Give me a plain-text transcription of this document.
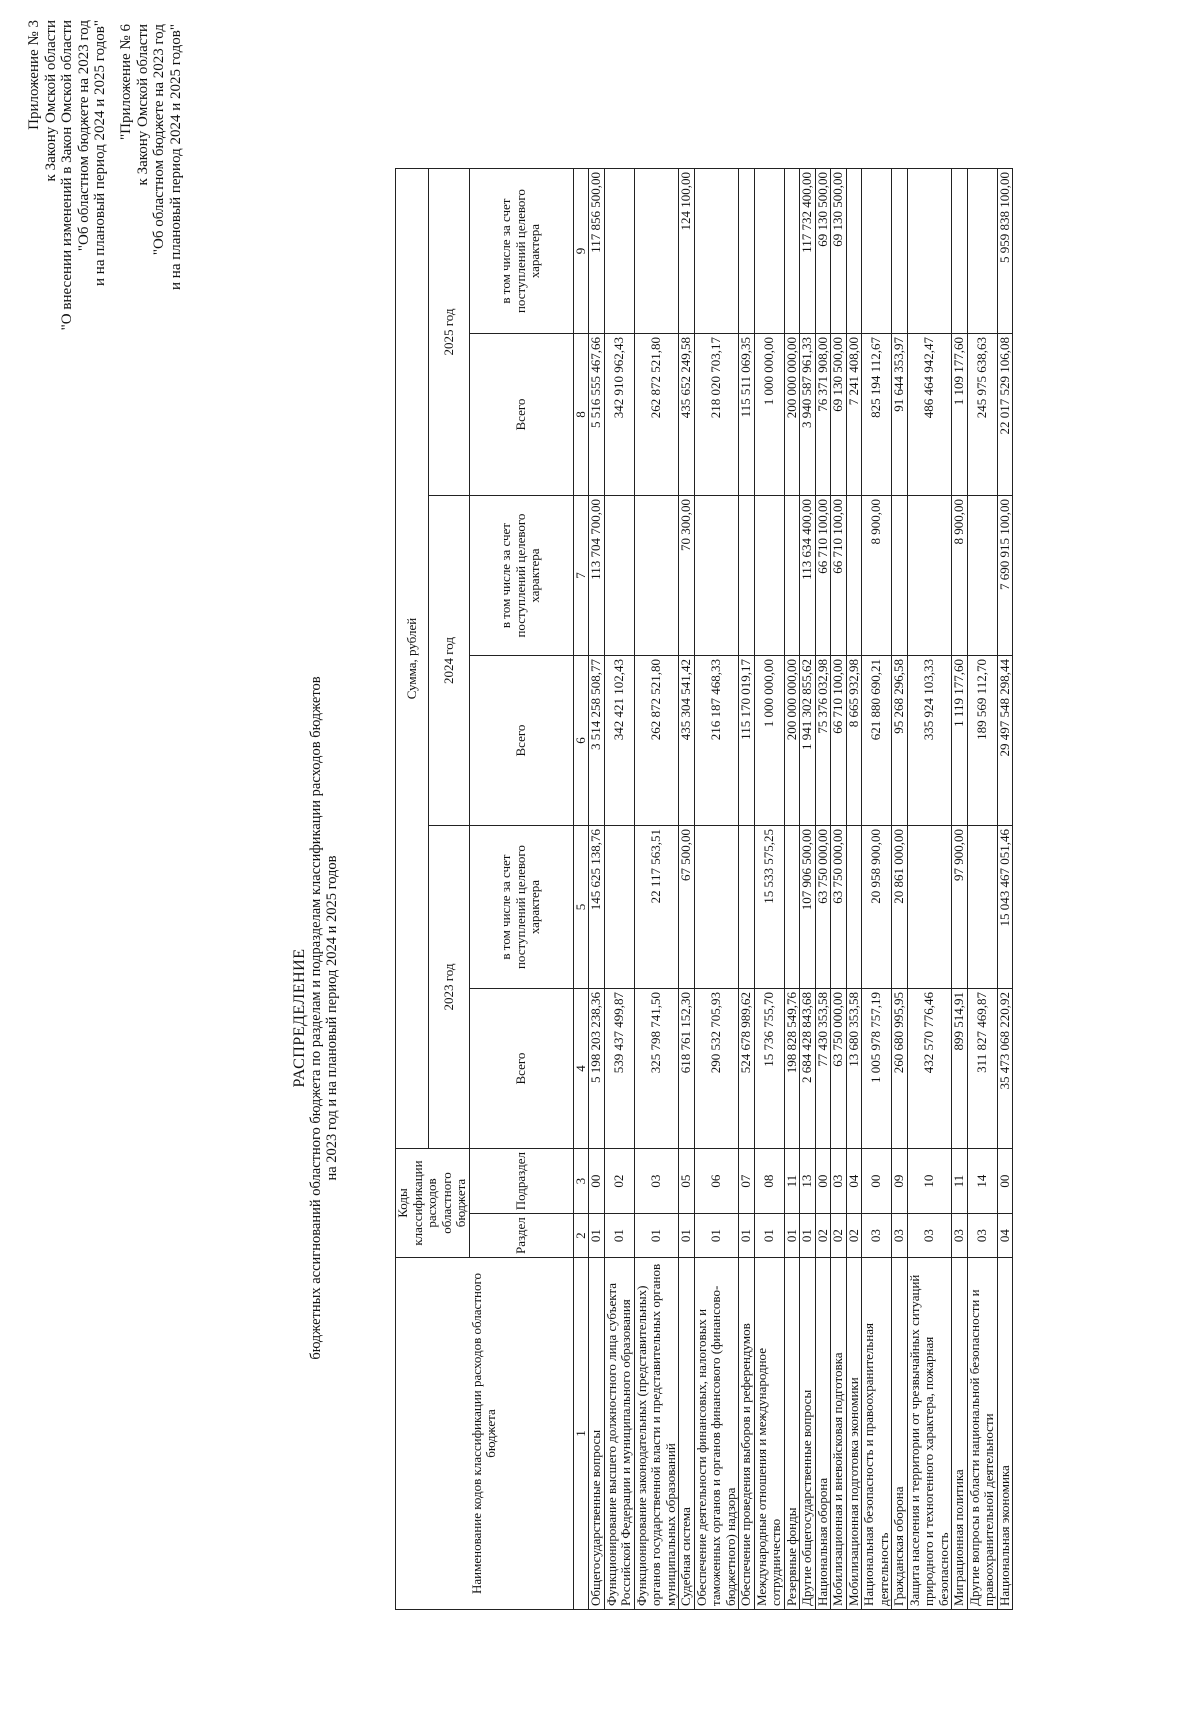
Приложение № 3 к Закону Омской области "О внесении изменений в Закон Омской области "Об областном бюджете на 2023 год и на плановый период 2024 и 2025 годов" "Приложение № 6 к Закону Омской области "Об областном бюджете на 2023 год и на плановый период 2024 и 2025 годов"
РАСПРЕДЕЛЕНИЕ бюджетных ассигнований областного бюджета по разделам и подразделам классификации расходов бюджетов на 2023 год и на плановый период 2024 и 2025 годов
Наименование кодов классификации расходов областного бюджета	Коды классификации расходов областного бюджета		Сумма, рублей					
			2023 год		2024 год		2025 год	
	Раздел	Подраздел	Всего	в том числе за счет поступлений целевого характера	Всего	в том числе за счет поступлений целевого характера	Всего	в том числе за счет поступлений целевого характера
1	2	3	4	5	6	7	8	9
Общегосударственные вопросы	01	00	5 198 203 238,36	145 625 138,76	3 514 258 508,77	113 704 700,00	5 516 555 467,66	117 856 500,00
Функционирование высшего должностного лица субъекта Российской Федерации и муниципального образования	01	02	539 437 499,87		342 421 102,43		342 910 962,43	
Функционирование законодательных (представительных) органов государственной власти и представительных органов муниципальных образований	01	03	325 798 741,50	22 117 563,51	262 872 521,80		262 872 521,80	
Судебная система	01	05	618 761 152,30	67 500,00	435 304 541,42	70 300,00	435 652 249,58	124 100,00
Обеспечение деятельности финансовых, налоговых и таможенных органов и органов финансового (финансово-бюджетного) надзора	01	06	290 532 705,93		216 187 468,33		218 020 703,17	
Обеспечение проведения выборов и референдумов	01	07	524 678 989,62		115 170 019,17		115 511 069,35	
Международные отношения и международное сотрудничество	01	08	15 736 755,70	15 533 575,25	1 000 000,00		1 000 000,00	
Резервные фонды	01	11	198 828 549,76		200 000 000,00		200 000 000,00	
Другие общегосударственные вопросы	01	13	2 684 428 843,68	107 906 500,00	1 941 302 855,62	113 634 400,00	3 940 587 961,33	117 732 400,00
Национальная оборона	02	00	77 430 353,58	63 750 000,00	75 376 032,98	66 710 100,00	76 371 908,00	69 130 500,00
Мобилизационная и вневойсковая подготовка	02	03	63 750 000,00	63 750 000,00	66 710 100,00	66 710 100,00	69 130 500,00	69 130 500,00
Мобилизационная подготовка экономики	02	04	13 680 353,58		8 665 932,98		7 241 408,00	
Национальная безопасность и правоохранительная деятельность	03	00	1 005 978 757,19	20 958 900,00	621 880 690,21	8 900,00	825 194 112,67	
Гражданская оборона	03	09	260 680 995,95	20 861 000,00	95 268 296,58		91 644 353,97	
Защита населения и территории от чрезвычайных ситуаций природного и техногенного характера, пожарная безопасность	03	10	432 570 776,46		335 924 103,33		486 464 942,47	
Миграционная политика	03	11	899 514,91	97 900,00	1 119 177,60	8 900,00	1 109 177,60	
Другие вопросы в области национальной безопасности и правоохранительной деятельности	03	14	311 827 469,87		189 569 112,70		245 975 638,63	
Национальная экономика	04	00	35 473 068 220,92	15 043 467 051,46	29 497 548 298,44	7 690 915 100,00	22 017 529 106,08	5 959 838 100,00
